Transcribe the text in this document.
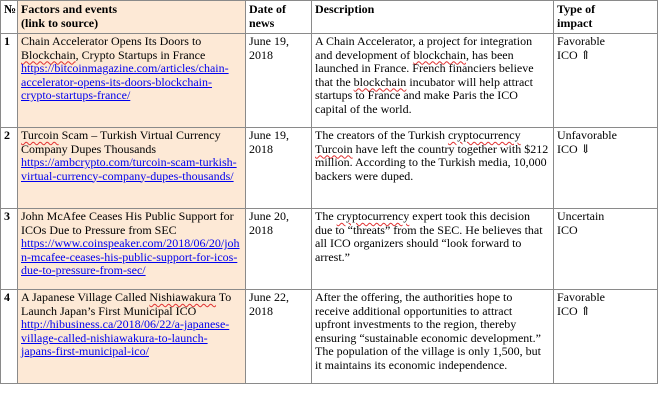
№	Factors and events
(link to source)	Date of
news	Description	Type of
impact
1	Chain Accelerator Opens Its Doors to Blockchain, Crypto Startups in France
https://bitcoinmagazine.com/articles/chain-accelerator-opens-its-doors-blockchain-crypto-startups-france/	June 19, 2018	A Chain Accelerator, a project for integration and development of blockchain, has been launched in France. French financiers believe that the blockchain incubator will help attract startups to France and make Paris the ICO capital of the world.	Favorable
ICO ⇑
2	Turcoin Scam – Turkish Virtual Currency Company Dupes Thousands
https://ambcrypto.com/turcoin-scam-turkish-virtual-currency-company-dupes-thousands/	June 19, 2018	The creators of the Turkish cryptocurrency Turcoin have left the country together with $212 million. According to the Turkish media, 10,000 backers were duped.	Unfavorable
ICO ⇓
3	John McAfee Ceases His Public Support for ICOs Due to Pressure from SEC
https://www.coinspeaker.com/2018/06/20/john-mcafee-ceases-his-public-support-for-icos-due-to-pressure-from-sec/	June 20, 2018	The cryptocurrency expert took this decision due to “threats” from the SEC. He believes that all ICO organizers should “look forward to arrest.”	Uncertain
ICO
4	A Japanese Village Called Nishiawakura To Launch Japan’s First Municipal ICO
http://hibusiness.ca/2018/06/22/a-japanese-village-called-nishiawakura-to-launch-japans-first-municipal-ico/	June 22, 2018	After the offering, the authorities hope to receive additional opportunities to attract upfront investments to the region, thereby ensuring “sustainable economic development.” The population of the village is only 1,500, but it maintains its economic independence.	Favorable
ICO ⇑
